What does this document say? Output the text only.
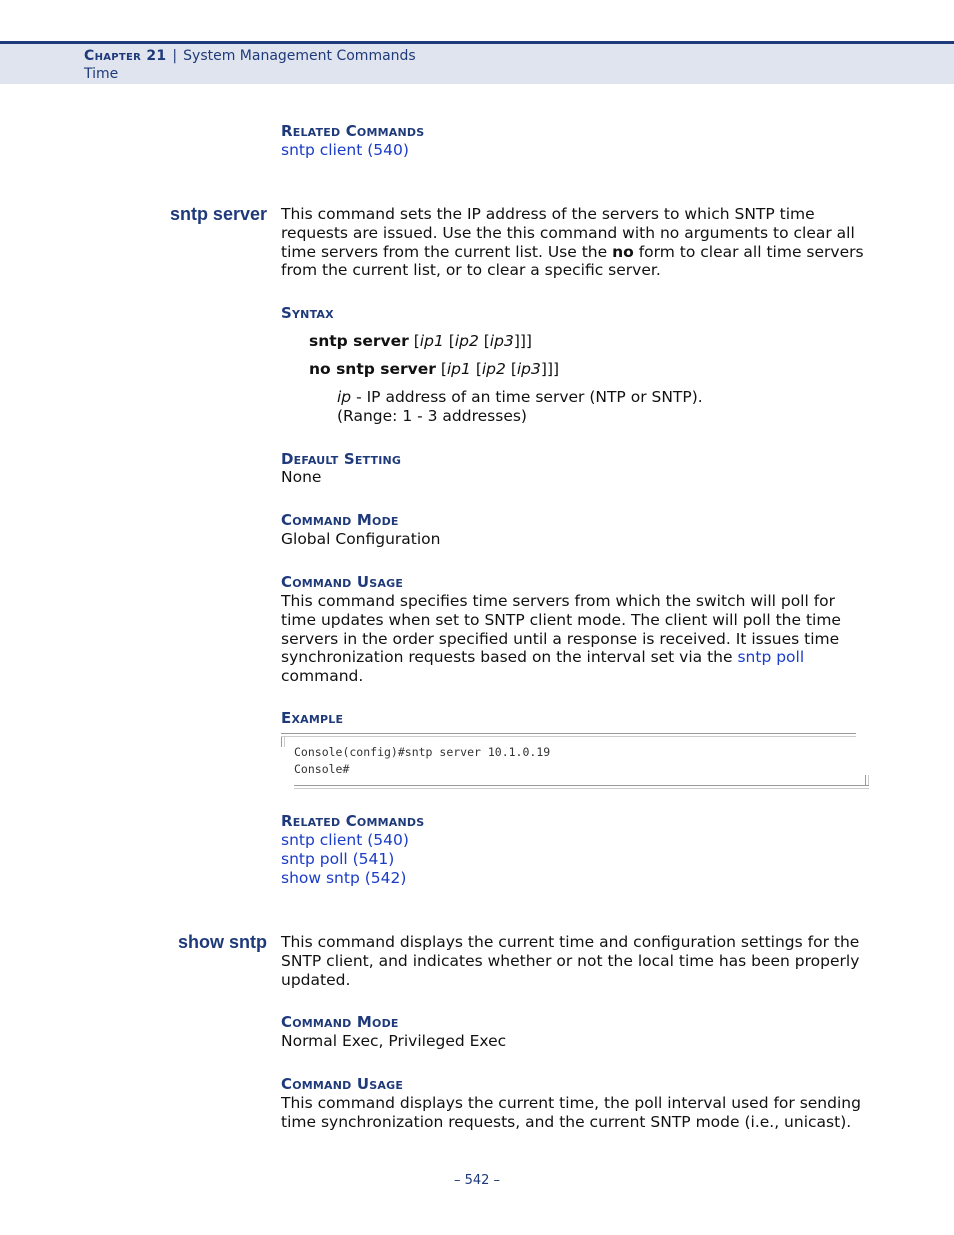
Chapter 21 | System Management Commands
Time
Related Commands
sntp client (540)
sntp server This command sets the IP address of the servers to which SNTP time
requests are issued. Use the this command with no arguments to clear all
time servers from the current list. Use the no form to clear all time servers
from the current list, or to clear a specific server.
Syntax
sntp server [ip1 [ip2 [ip3]]]
no sntp server [ip1 [ip2 [ip3]]]
ip - IP address of an time server (NTP or SNTP).
(Range: 1 - 3 addresses)
Default Setting
None
Command Mode
Global Configuration
Command Usage
This command specifies time servers from which the switch will poll for
time updates when set to SNTP client mode. The client will poll the time
servers in the order specified until a response is received. It issues time
synchronization requests based on the interval set via the sntp poll
command.
Example
Console(config)#sntp server 10.1.0.19
Console#
Related Commands
sntp client (540)
sntp poll (541)
show sntp (542)
show sntp This command displays the current time and configuration settings for the
SNTP client, and indicates whether or not the local time has been properly
updated.
Command Mode
Normal Exec, Privileged Exec
Command Usage
This command displays the current time, the poll interval used for sending
time synchronization requests, and the current SNTP mode (i.e., unicast).
– 542 –
